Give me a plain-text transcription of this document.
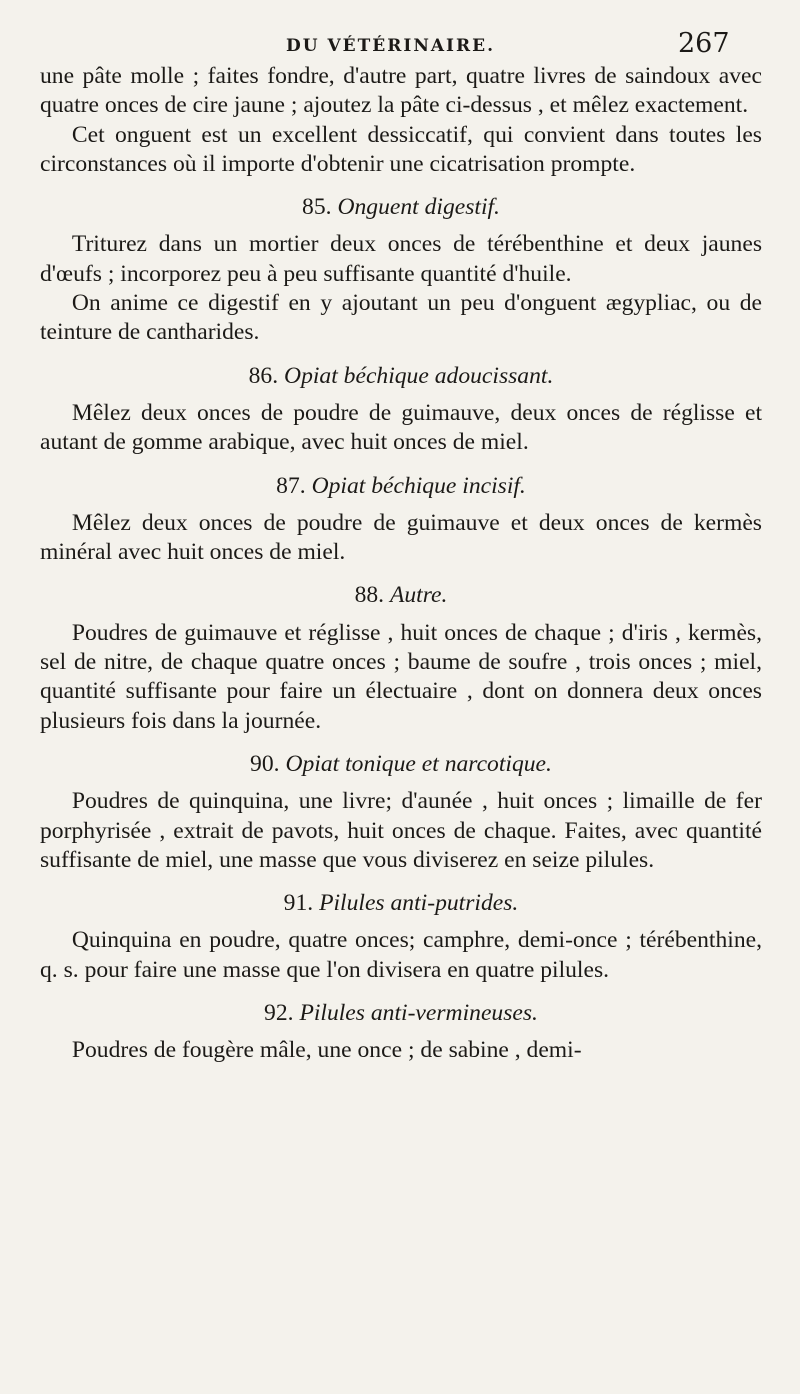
DU VÉTÉRINAIRE.	267

une pâte molle ; faites fondre, d'autre part, quatre livres de saindoux avec quatre onces de cire jaune ; ajoutez la pâte ci-dessus , et mêlez exactement.

Cet onguent est un excellent dessiccatif, qui convient dans toutes les circonstances où il importe d'obtenir une cicatrisation prompte.

85. Onguent digestif.

Triturez dans un mortier deux onces de térébenthine et deux jaunes d'œufs ; incorporez peu à peu suffisante quantité d'huile.

On anime ce digestif en y ajoutant un peu d'onguent ægypliac, ou de teinture de cantharides.

86. Opiat béchique adoucissant.

Mêlez deux onces de poudre de guimauve, deux onces de réglisse et autant de gomme arabique, avec huit onces de miel.

87. Opiat béchique incisif.

Mêlez deux onces de poudre de guimauve et deux onces de kermès minéral avec huit onces de miel.

88. Autre.

Poudres de guimauve et réglisse , huit onces de chaque ; d'iris , kermès, sel de nitre, de chaque quatre onces ; baume de soufre , trois onces ; miel, quantité suffisante pour faire un électuaire , dont on donnera deux onces plusieurs fois dans la journée.

90. Opiat tonique et narcotique.

Poudres de quinquina, une livre; d'aunée , huit onces ; limaille de fer porphyrisée , extrait de pavots, huit onces de chaque. Faites, avec quantité suffisante de miel, une masse que vous diviserez en seize pilules.

91. Pilules anti-putrides.

Quinquina en poudre, quatre onces; camphre, demi-once ; térébenthine, q. s. pour faire une masse que l'on divisera en quatre pilules.

92. Pilules anti-vermineuses.

Poudres de fougère mâle, une once ; de sabine , demi-
